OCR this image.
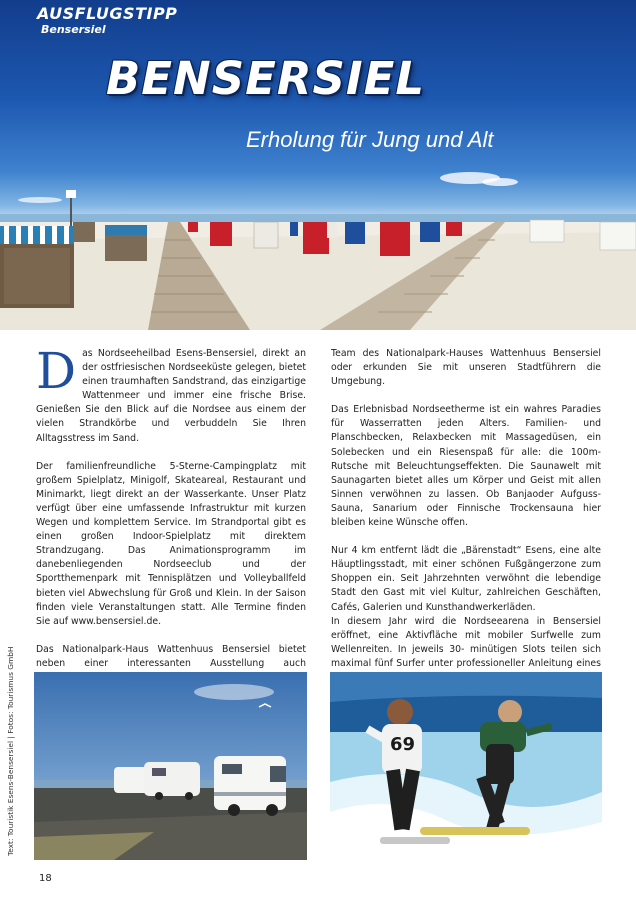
AUSFLUGSTIPP
Bensersiel
BENSERSIEL
Erholung für Jung und Alt

Das Nordseeheilbad Esens-Bensersiel, direkt an der ostfriesischen Nordseeküste gelegen, bietet einen traumhaften Sandstrand, das einzigartige Wattenmeer und immer eine frische Brise. Genießen Sie den Blick auf die Nordsee aus einem der vielen Strandkörbe und verbuddeln Sie Ihren Alltagsstress im Sand.

Der familienfreundliche 5-Sterne-Campingplatz mit großem Spielplatz, Minigolf, Skateareal, Restaurant und Minimarkt, liegt direkt an der Wasserkante. Unser Platz verfügt über eine umfassende Infrastruktur mit kurzen Wegen und komplettem Service. Im Strandportal gibt es einen großen Indoor-Spielplatz mit direktem Strandzugang. Das Animationsprogramm im danebenliegenden Nordseeclub und der Sportthemenpark mit Tennisplätzen und Volleyballfeld bieten viel Abwechslung für Groß und Klein. In der Saison finden viele Veranstaltungen statt. Alle Termine finden Sie auf www.bensersiel.de.

Das Nationalpark-Haus Wattenhuus Bensersiel bietet neben einer interessanten Ausstellung auch

Team des Nationalpark-Hauses Wattenhuus Bensersiel oder erkunden Sie mit unseren Stadtführern die Umgebung.

Das Erlebnisbad Nordseetherme ist ein wahres Paradies für Wasserratten jeden Alters. Familien- und Planschbecken, Relaxbecken mit Massagedüsen, ein Solebecken und ein Riesenspaß für alle: die 100m-Rutsche mit Beleuchtungseffekten. Die Saunawelt mit Saunagarten bietet alles um Körper und Geist mit allen Sinnen verwöhnen zu lassen. Ob Banjaoder Aufguss-Sauna, Sanarium oder Finnische Trockensauna hier bleiben keine Wünsche offen.

Nur 4 km entfernt lädt die „Bärenstadt“ Esens, eine alte Häuptlingsstadt, mit einer schönen Fußgängerzone zum Shoppen ein. Seit Jahrzehnten verwöhnt die lebendige Stadt den Gast mit viel Kultur, zahlreichen Geschäften, Cafés, Galerien und Kunsthandwerkerläden.

In diesem Jahr wird die Nordseearena in Bensersiel eröffnet, eine Aktivfläche mit mobiler Surfwelle zum Wellenreiten. In jeweils 30- minütigen Slots teilen sich maximal fünf Surfer unter professioneller Anleitung eines

69
Text: Touristik Esens-Bensersiel | Fotos: Tourismus GmbH
18
